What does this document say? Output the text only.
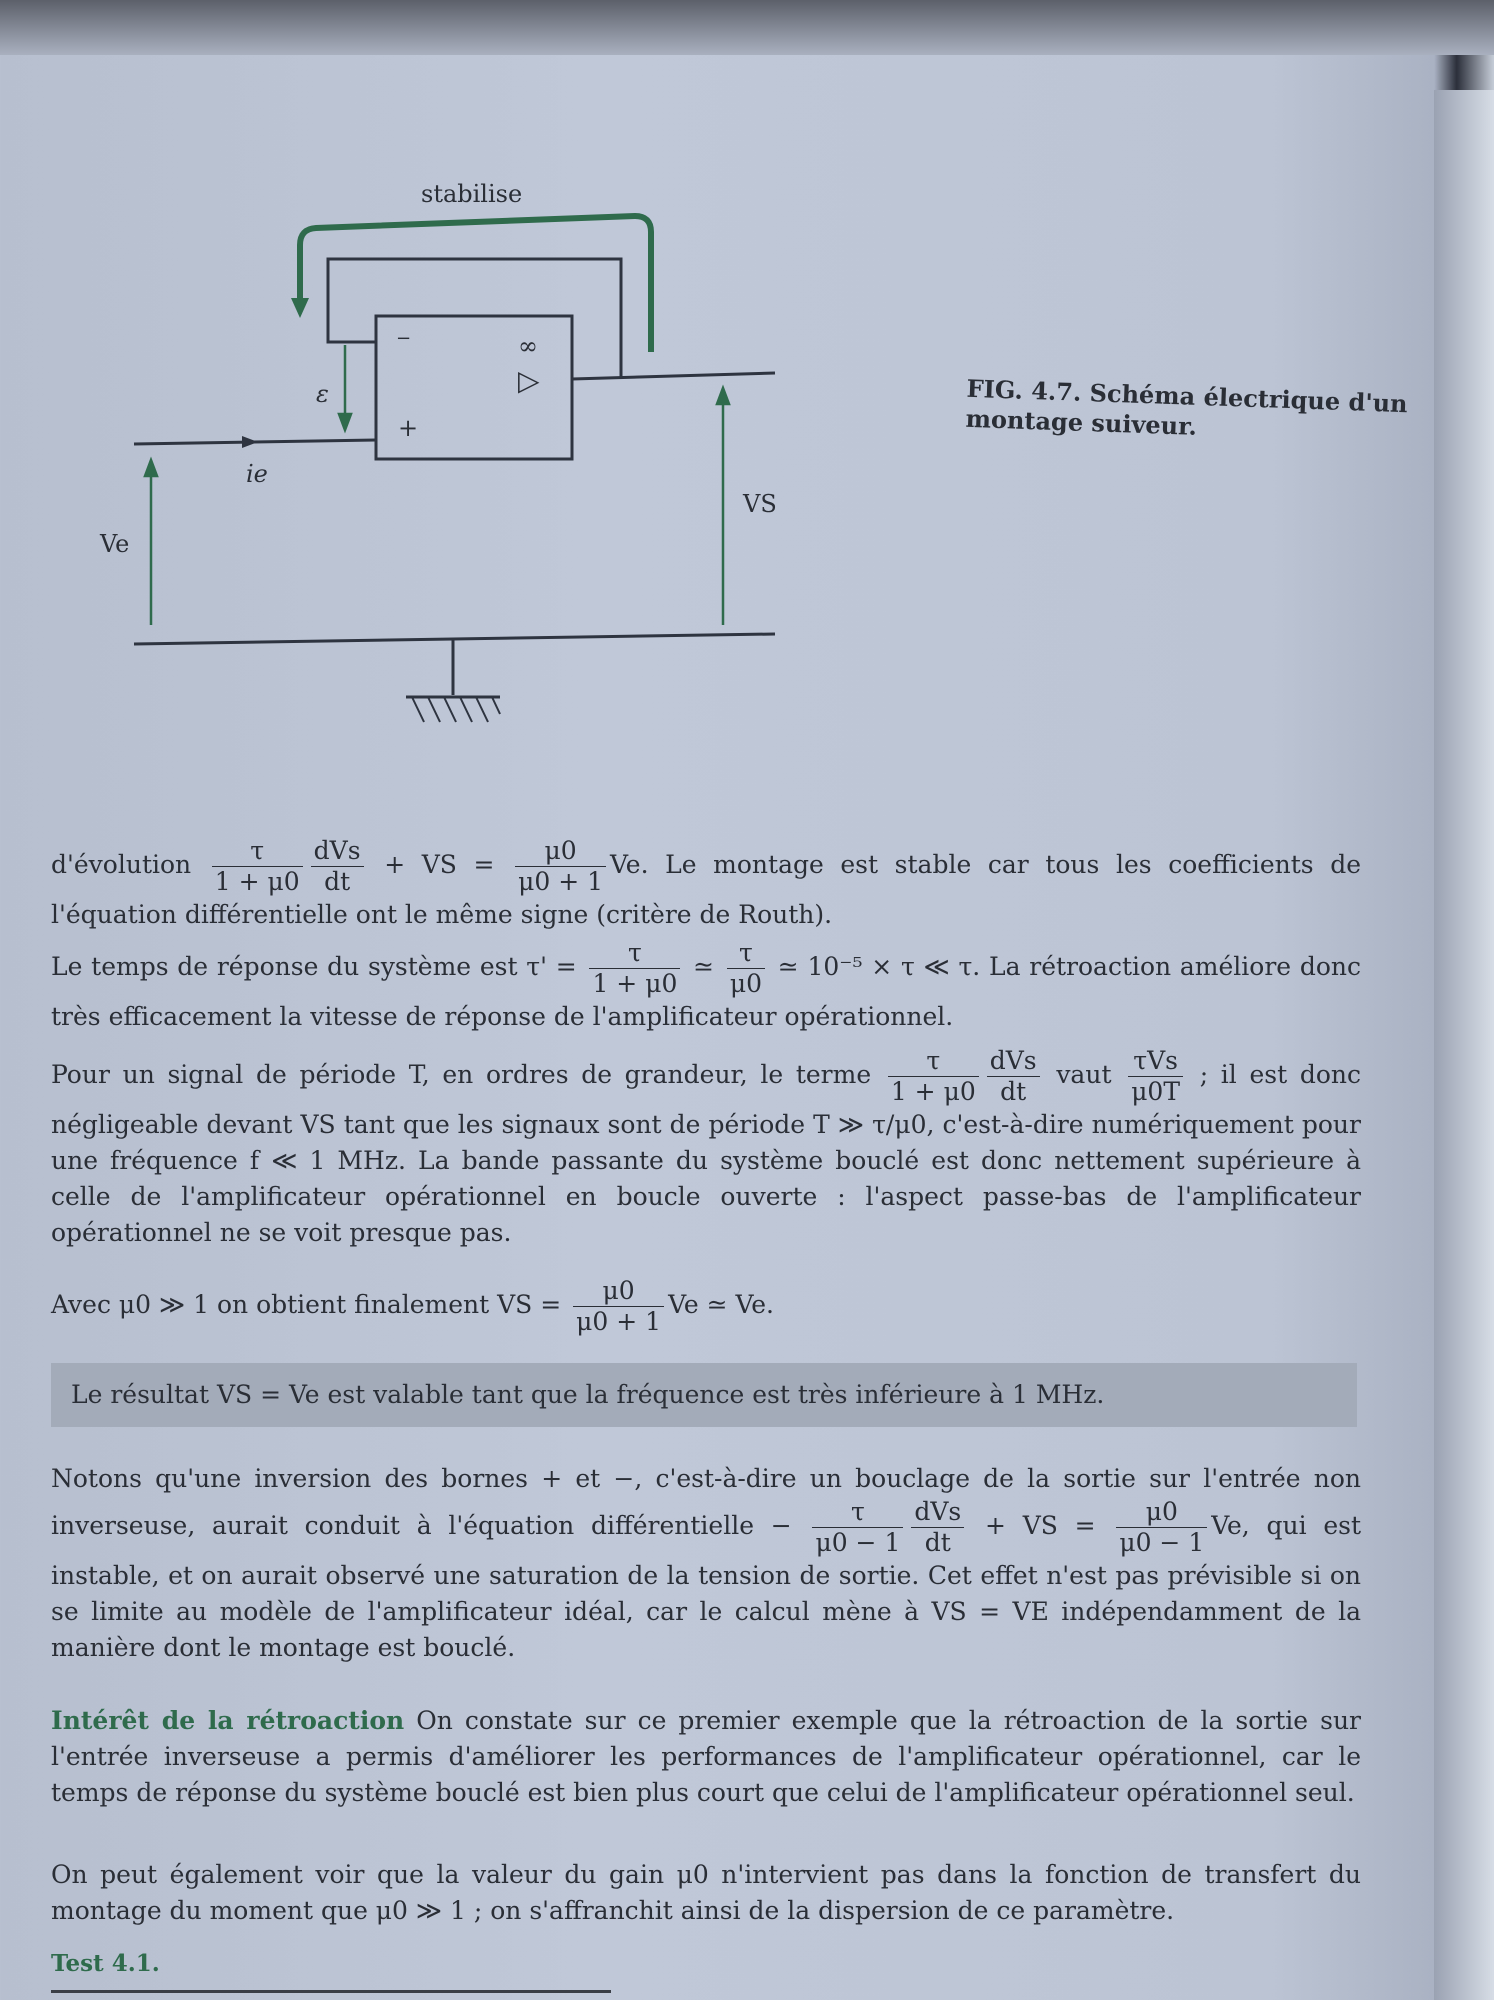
stabilise
ε
ie
Ve
VS
−
+
∞
▷	FIG. 4.7. Schéma électrique d'un montage suiveur.
d'évolution $\frac{\tau}{1 + \mu 0} \frac{\text{dVs}}{dt}$ + VS = $\frac{\mu 0}{\mu 0 + 1} Ve$. Le montage est stable car tous les coefficients de l'équation différentielle ont le même signe (critère de Routh).
Le temps de réponse du système est $\tau' = \frac{\tau}{1 + \mu 0}$ ≃ $\frac{\tau}{\mu 0}$ ≃ 10⁻⁵ × τ ≪ τ. La rétroaction améliore donc très efficacement la vitesse de réponse de l'amplificateur opérationnel.
Pour un signal de période T, en ordres de grandeur, le terme $\frac{\tau}{1 + \mu 0} \frac{\text{dVs}}{dt}$ vaut $\frac{\text{τVs}}{\mu 0T}$ ; il est donc négligeable devant VS tant que les signaux sont de période T ≫ τ/μ0, c'est-à-dire numériquement pour une fréquence f ≪ 1 MHz. La bande passante du système bouclé est donc nettement supérieure à celle de l'amplificateur opérationnel en boucle ouverte : l'aspect passe-bas de l'amplificateur opérationnel ne se voit presque pas.
Avec μ0 ≫ 1 on obtient finalement VS = $\frac{\mu 0}{\mu 0 + 1}$ Ve ≃ Ve.
Le résultat VS = Ve est valable tant que la fréquence est très inférieure à 1 MHz.
Notons qu'une inversion des bornes + et −, c'est-à-dire un bouclage de la sortie sur l'entrée non inverseuse, aurait conduit à l'équation différentielle − $\frac{\tau}{\mu 0 - 1} \frac{\text{dVs}}{dt}$ + VS = $\frac{\mu 0}{\mu 0 - 1} Ve$, qui est instable, et on aurait observé une saturation de la tension de sortie. Cet effet n'est pas prévisible si on se limite au modèle de l'amplificateur idéal, car le calcul mène à VS = VE indépendamment de la manière dont le montage est bouclé.
Intérêt de la rétroaction On constate sur ce premier exemple que la rétroaction de la sortie sur l'entrée inverseuse a permis d'améliorer les performances de l'amplificateur opérationnel, car le temps de réponse du système bouclé est bien plus court que celui de l'amplificateur opérationnel seul.
On peut également voir que la valeur du gain μ0 n'intervient pas dans la fonction de transfert du montage du moment que μ0 ≫ 1 ; on s'affranchit ainsi de la dispersion de ce paramètre.
Test 4.1.
